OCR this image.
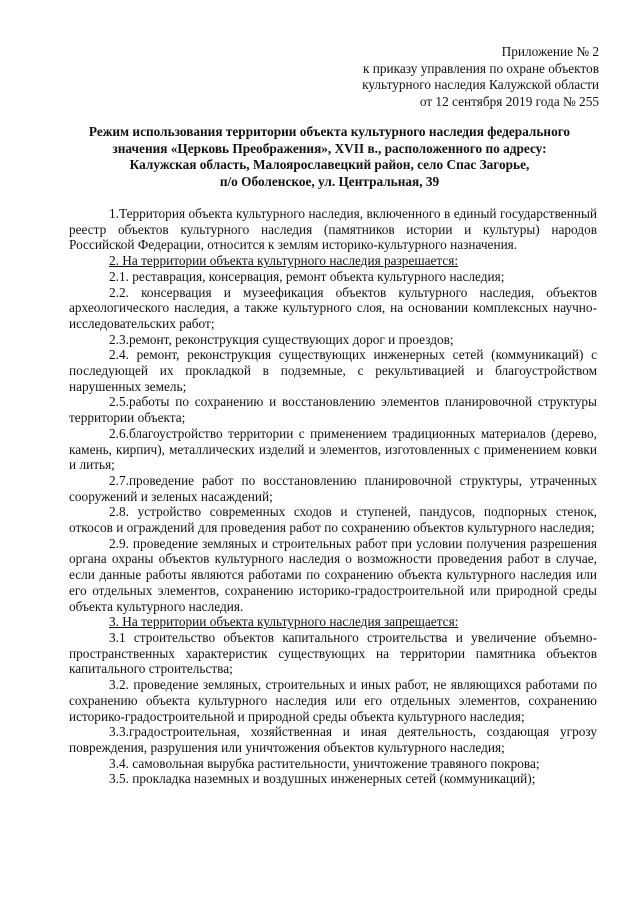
Приложение № 2
к приказу управления по охране объектов
культурного наследия Калужской области
от 12 сентября 2019 года № 255
Режим использования территории объекта культурного наследия федерального
значения «Церковь Преображения», XVII в., расположенного по адресу:
Калужская область, Малоярославецкий район, село Спас Загорье,
п/о Оболенское, ул. Центральная, 39
1.Территория объекта культурного наследия, включенного в единый государственный реестр объектов культурного наследия (памятников истории и культуры) народов Российской Федерации, относится к землям историко-культурного назначения.
2. На территории объекта культурного наследия разрешается:
2.1. реставрация, консервация, ремонт объекта культурного наследия;
2.2. консервация и музеефикация объектов культурного наследия, объектов археологического наследия, а также культурного слоя, на основании комплексных научно-исследовательских работ;
2.3.ремонт, реконструкция существующих дорог и проездов;
2.4. ремонт, реконструкция существующих инженерных сетей (коммуникаций) с последующей их прокладкой в подземные, с рекультивацией и благоустройством нарушенных земель;
2.5.работы по сохранению и восстановлению элементов планировочной структуры территории объекта;
2.6.благоустройство территории с применением традиционных материалов (дерево, камень, кирпич), металлических изделий и элементов, изготовленных с применением ковки и литья;
2.7.проведение работ по восстановлению планировочной структуры, утраченных сооружений и зеленых насаждений;
2.8. устройство современных сходов и ступеней, пандусов, подпорных стенок, откосов и ограждений для проведения работ по сохранению объектов культурного наследия;
2.9. проведение земляных и строительных работ при условии получения разрешения органа охраны объектов культурного наследия о возможности проведения работ в случае, если данные работы являются работами по сохранению объекта культурного наследия или его отдельных элементов, сохранению историко-градостроительной или природной среды объекта культурного наследия.
3. На территории объекта культурного наследия запрещается:
3.1 строительство объектов капитального строительства и увеличение объемно-пространственных характеристик существующих на территории памятника объектов капитального строительства;
3.2. проведение земляных, строительных и иных работ, не являющихся работами по сохранению объекта культурного наследия или его отдельных элементов, сохранению историко-градостроительной и природной среды объекта культурного наследия;
3.3.градостроительная, хозяйственная и иная деятельность, создающая угрозу повреждения, разрушения или уничтожения объектов культурного наследия;
3.4. самовольная вырубка растительности, уничтожение травяного покрова;
3.5. прокладка наземных и воздушных инженерных сетей (коммуникаций);
